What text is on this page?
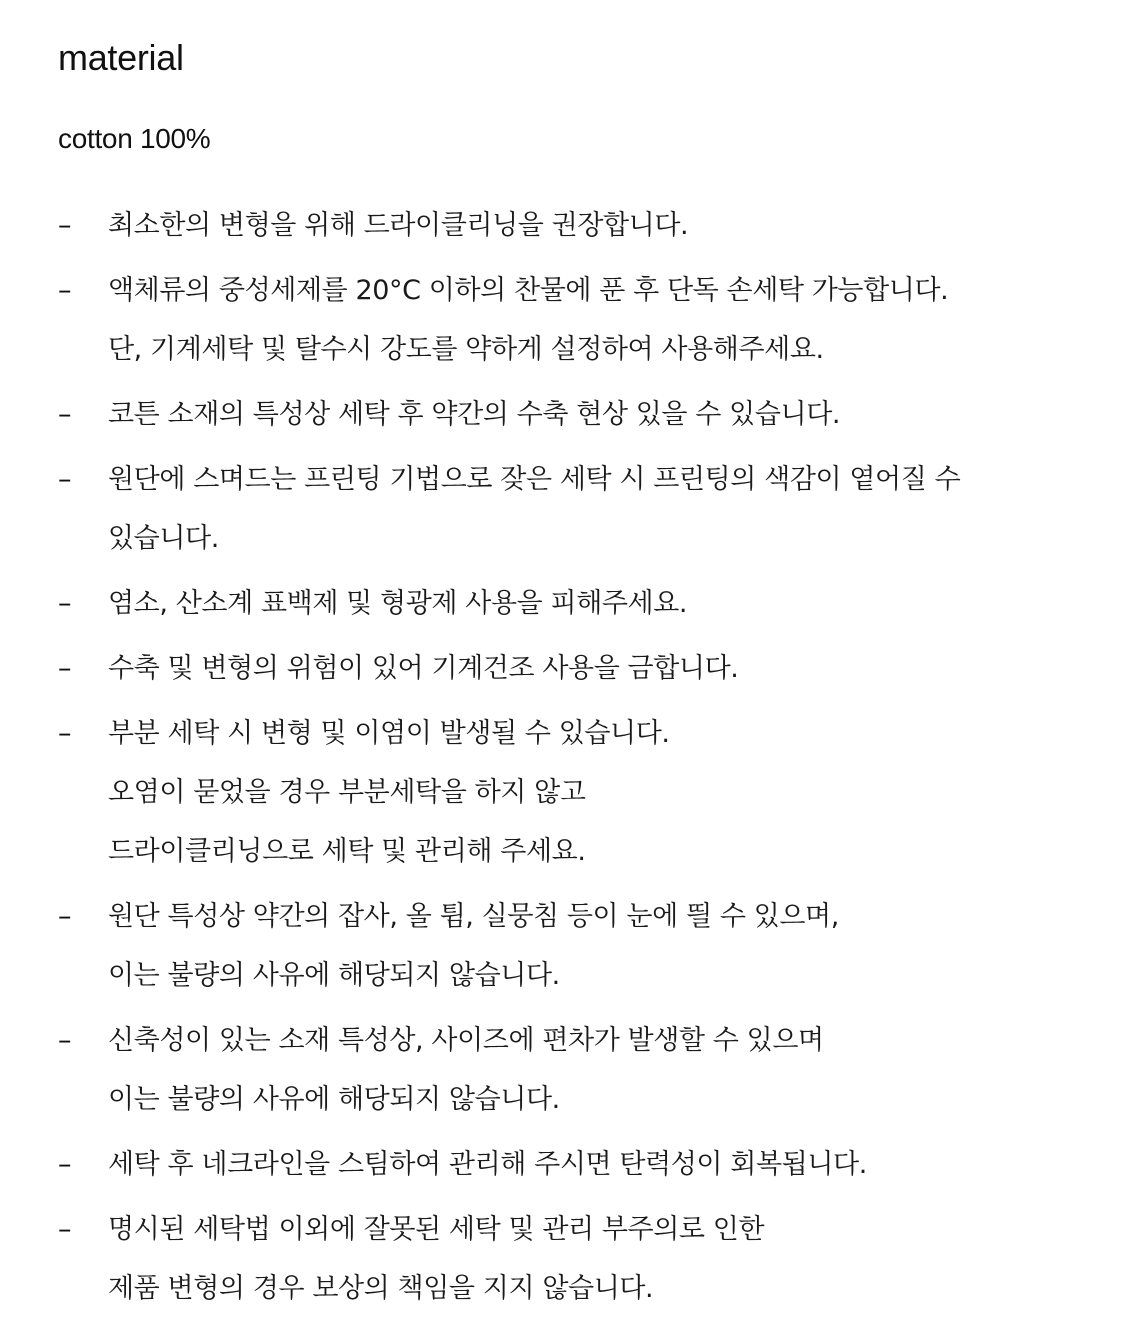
material

cotton 100%

–	최소한의 변형을 위해 드라이클리닝을 권장합니다.
–	액체류의 중성세제를 20°C 이하의 찬물에 푼 후 단독 손세탁 가능합니다.
단, 기계세탁 및 탈수시 강도를 약하게 설정하여 사용해주세요.
–	코튼 소재의 특성상 세탁 후 약간의 수축 현상 있을 수 있습니다.
–	원단에 스며드는 프린팅 기법으로 잦은 세탁 시 프린팅의 색감이 옅어질 수
있습니다.
–	염소, 산소계 표백제 및 형광제 사용을 피해주세요.
–	수축 및 변형의 위험이 있어 기계건조 사용을 금합니다.
–	부분 세탁 시 변형 및 이염이 발생될 수 있습니다.
오염이 묻었을 경우 부분세탁을 하지 않고
드라이클리닝으로 세탁 및 관리해 주세요.
–	원단 특성상 약간의 잡사, 올 튐, 실뭉침 등이 눈에 띌 수 있으며,
이는 불량의 사유에 해당되지 않습니다.
–	신축성이 있는 소재 특성상, 사이즈에 편차가 발생할 수 있으며
이는 불량의 사유에 해당되지 않습니다.
–	세탁 후 네크라인을 스팀하여 관리해 주시면 탄력성이 회복됩니다.
–	명시된 세탁법 이외에 잘못된 세탁 및 관리 부주의로 인한
제품 변형의 경우 보상의 책임을 지지 않습니다.
